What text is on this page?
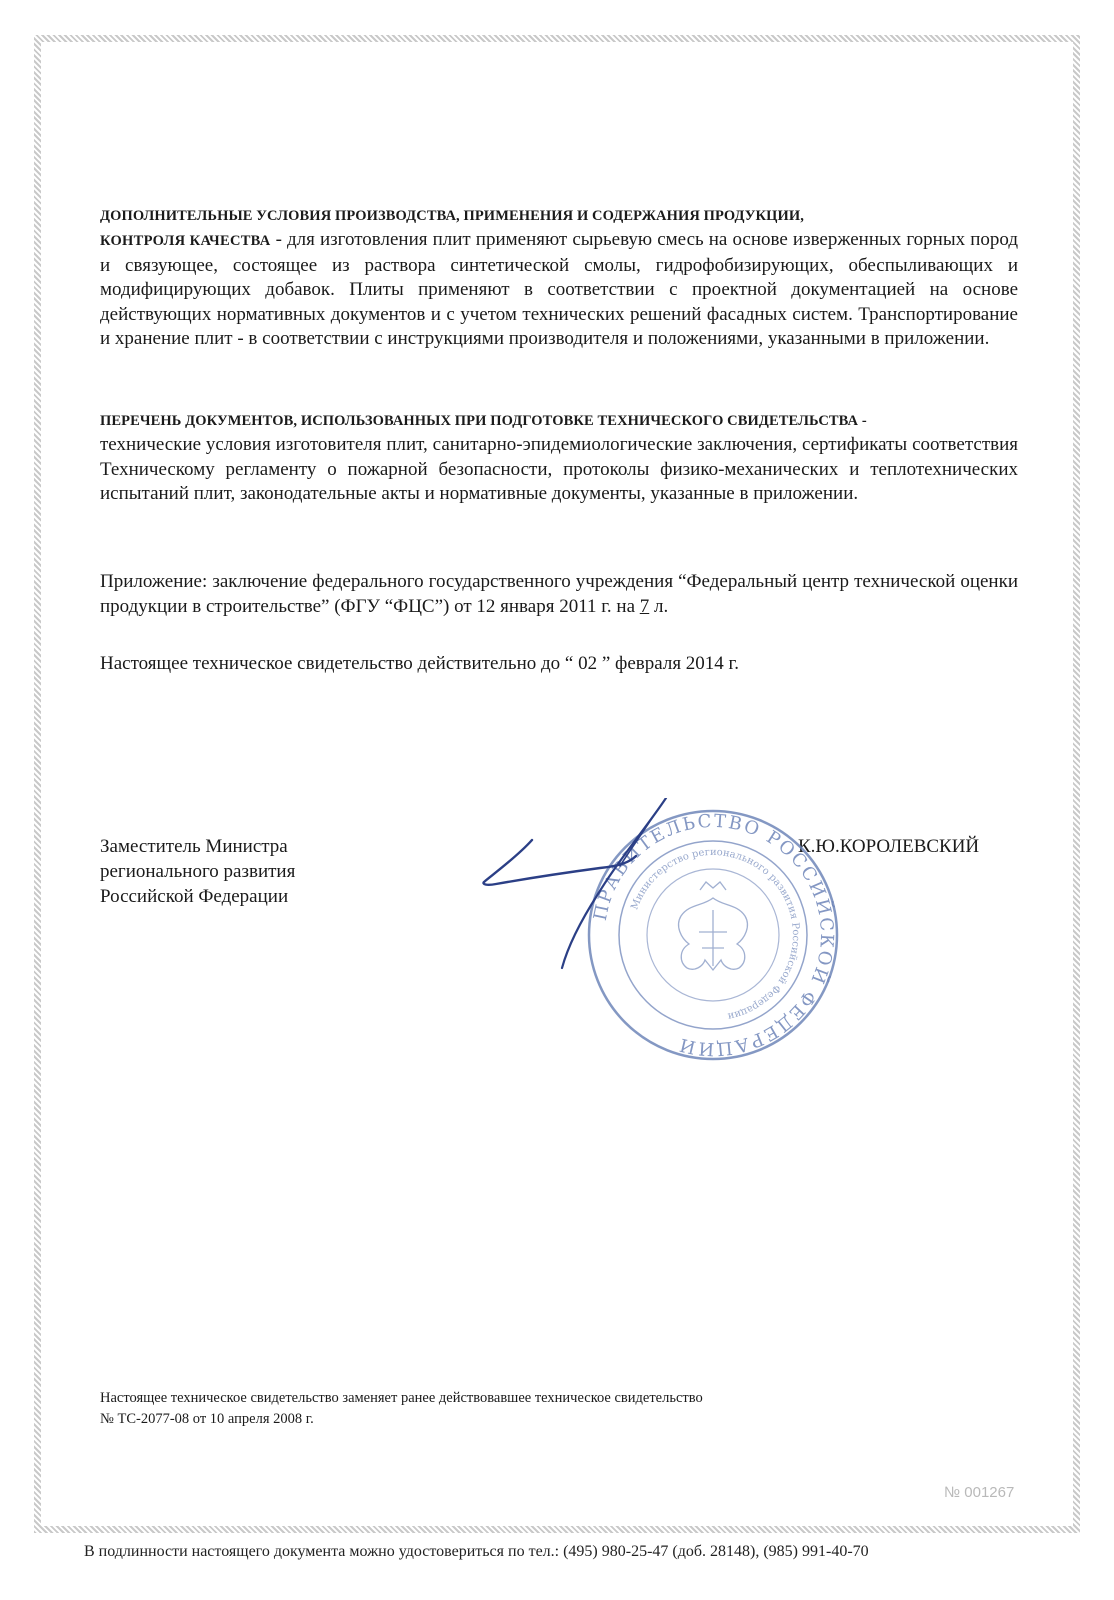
ДОПОЛНИТЕЛЬНЫЕ УСЛОВИЯ ПРОИЗВОДСТВА, ПРИМЕНЕНИЯ И СОДЕРЖАНИЯ ПРОДУКЦИИ,
КОНТРОЛЯ КАЧЕСТВА - для изготовления плит применяют сырьевую смесь на основе изверженных горных пород и связующее, состоящее из раствора синтетической смолы, гидрофобизирующих, обеспыливающих и модифицирующих добавок. Плиты применяют в соответствии с проектной документацией на основе действующих нормативных документов и с учетом технических решений фасадных систем. Транспортирование и хранение плит - в соответствии с инструкциями производителя и положениями, указанными в приложении.
ПЕРЕЧЕНЬ ДОКУМЕНТОВ, ИСПОЛЬЗОВАННЫХ ПРИ ПОДГОТОВКЕ ТЕХНИЧЕСКОГО СВИДЕТЕЛЬСТВА -
технические условия изготовителя плит, санитарно-эпидемиологические заключения, сертификаты соответствия Техническому регламенту о пожарной безопасности, протоколы физико-механических и теплотехнических испытаний плит, законодательные акты и нормативные документы, указанные в приложении.
Приложение: заключение федерального государственного учреждения “Федеральный центр технической оценки продукции в строительстве” (ФГУ “ФЦС”) от 12 января 2011 г. на 7 л.
Настоящее техническое свидетельство действительно до “ 02 ” февраля 2014 г.
Заместитель Министра
регионального развития
Российской Федерации
К.Ю.КОРОЛЕВСКИЙ
ПРАВИТЕЛЬСТВО РОССИЙСКОЙ ФЕДЕРАЦИИ
Министерство регионального развития Российской Федерации
Настоящее техническое свидетельство заменяет ранее действовавшее техническое свидетельство
№ ТС-2077-08 от 10 апреля 2008 г.
№ 001267
В подлинности настоящего документа можно удостовериться по тел.: (495) 980-25-47 (доб. 28148), (985) 991-40-70
